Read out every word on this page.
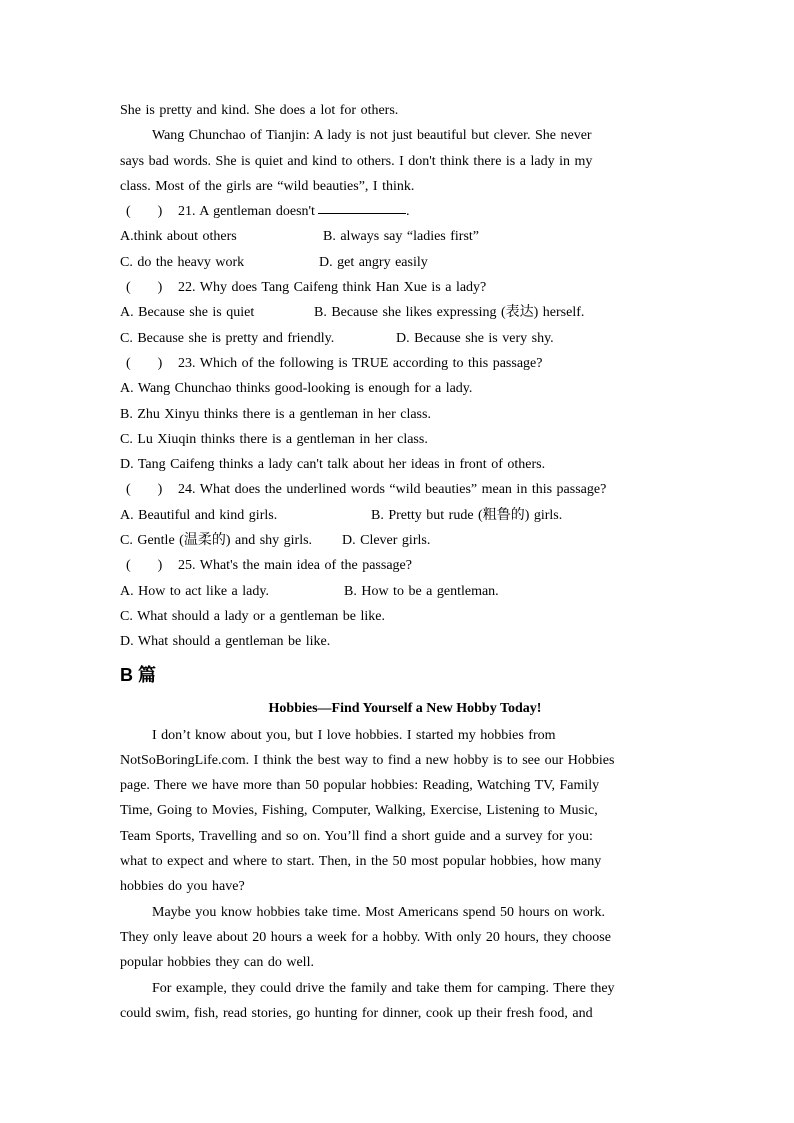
She is pretty and kind. She does a lot for others.
Wang Chunchao of Tianjin: A lady is not just beautiful but clever. She never
says bad words. She is quiet and kind to others. I don't think there is a lady in my
class. Most of the girls are “wild beauties”, I think.
(      )	21. A gentleman doesn't	.
A.think about others	B. always say “ladies first”
C. do the heavy work	D. get angry easily
(      )	22. Why does Tang Caifeng think Han Xue is a lady?
A. Because she is quiet	B. Because she likes expressing (表达) herself.
C. Because she is pretty and friendly.	D. Because she is very shy.
(      )	23. Which of the following is TRUE according to this passage?
A. Wang Chunchao thinks good-looking is enough for a lady.
B. Zhu Xinyu thinks there is a gentleman in her class.
C. Lu Xiuqin thinks there is a gentleman in her class.
D. Tang Caifeng thinks a lady can't talk about her ideas in front of others.
(      )	24. What does the underlined words “wild beauties” mean in this passage?
A. Beautiful and kind girls.	B. Pretty but rude (粗鲁的) girls.
C. Gentle (温柔的) and shy girls.	D. Clever girls.
(      )	25. What's the main idea of the passage?
A. How to act like a lady.	B. How to be a gentleman.
C. What should a lady or a gentleman be like.
D. What should a gentleman be like.
B 篇
Hobbies—Find Yourself a New Hobby Today!
I don’t know about you, but I love hobbies. I started my hobbies from
NotSoBoringLife.com. I think the best way to find a new hobby is to see our Hobbies
page. There we have more than 50 popular hobbies: Reading, Watching TV, Family
Time, Going to Movies, Fishing, Computer, Walking, Exercise, Listening to Music,
Team Sports, Travelling and so on. You’ll find a short guide and a survey for you:
what to expect and where to start. Then, in the 50 most popular hobbies, how many
hobbies do you have?
Maybe you know hobbies take time. Most Americans spend 50 hours on work.
They only leave about 20 hours a week for a hobby. With only 20 hours, they choose
popular hobbies they can do well.
For example, they could drive the family and take them for camping. There they
could swim, fish, read stories, go hunting for dinner, cook up their fresh food, and
